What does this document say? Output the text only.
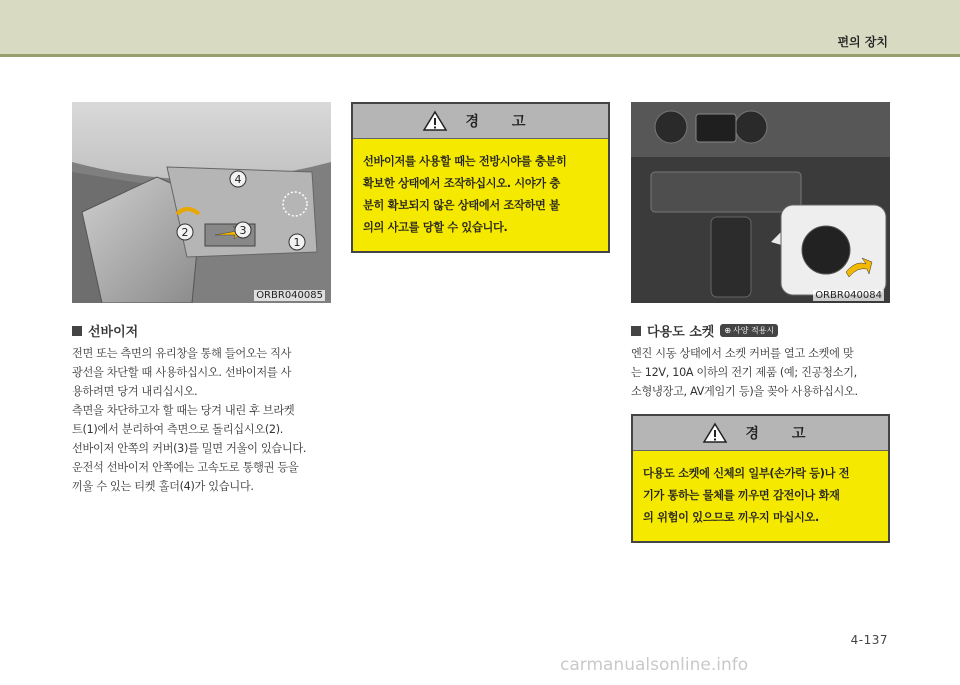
편의 장치
4
2	3
1
ORBR040085
선바이저

전면 또는 측면의 유리창을 통해 들어오는 직사

광선을 차단할 때 사용하십시오. 선바이저를 사

용하려면 당겨 내리십시오.

측면을 차단하고자 할 때는 당겨 내린 후 브라켓

트(1)에서 분리하여 측면으로 돌리십시오(2).

선바이저 안쪽의 커버(3)를 밀면 거울이 있습니다.

운전석 선바이저 안쪽에는 고속도로 통행권 등을

끼울 수 있는 티켓 홀더(4)가 있습니다.

경 고
선바이저를 사용할 때는 전방시야를 충분히
확보한 상태에서 조작하십시오. 시야가 충
분히 확보되지 않은 상태에서 조작하면 불
의의 사고를 당할 수 있습니다.
ORBR040084
다용도 소켓 ⊕ 사양 적용시

엔진 시동 상태에서 소켓 커버를 열고 소켓에 맞

는 12V, 10A 이하의 전기 제품 (예; 진공청소기,

소형냉장고, AV게임기 등)을 꽂아 사용하십시오.

경 고
다용도 소켓에 신체의 일부(손가락 등)나 전
기가 통하는 물체를 끼우면 감전이나 화재
의 위험이 있으므로 끼우지 마십시오.
4-137
carmanualsonline.info
